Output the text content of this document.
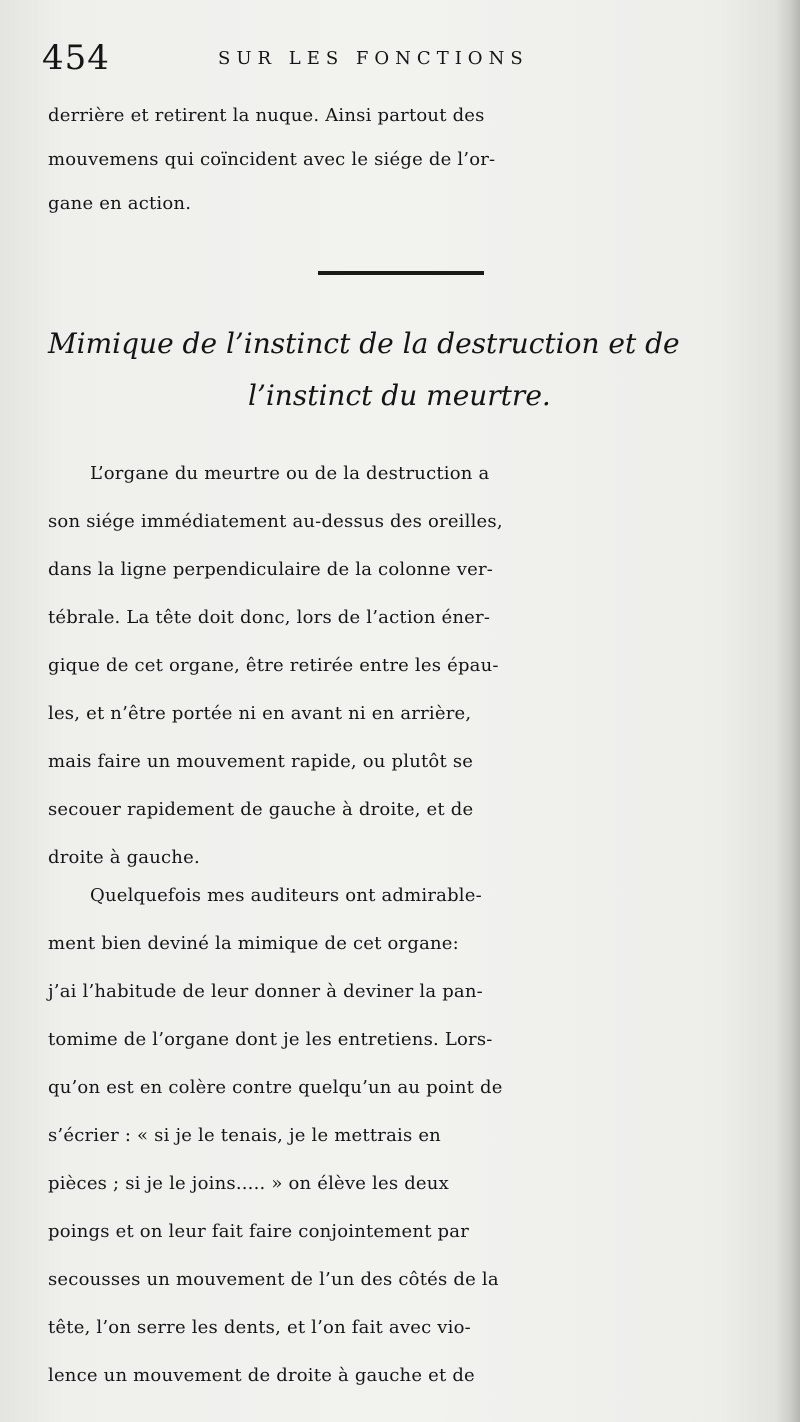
454	SUR LES FONCTIONS
derrière et retirent la nuque. Ainsi partout des
mouvemens qui coïncident avec le siége de l’or-
gane en action.
Mimique de l’instinct de la destruction et de
l’instinct du meurtre.
L’organe du meurtre ou de la destruction a
son siége immédiatement au-dessus des oreilles,
dans la ligne perpendiculaire de la colonne ver-
tébrale. La tête doit donc, lors de l’action éner-
gique de cet organe, être retirée entre les épau-
les, et n’être portée ni en avant ni en arrière,
mais faire un mouvement rapide, ou plutôt se
secouer rapidement de gauche à droite, et de
droite à gauche.
Quelquefois mes auditeurs ont admirable-
ment bien deviné la mimique de cet organe:
j’ai l’habitude de leur donner à deviner la pan-
tomime de l’organe dont je les entretiens. Lors-
qu’on est en colère contre quelqu’un au point de
s’écrier : « si je le tenais, je le mettrais en
pièces ; si je le joins..... » on élève les deux
poings et on leur fait faire conjointement par
secousses un mouvement de l’un des côtés de la
tête, l’on serre les dents, et l’on fait avec vio-
lence un mouvement de droite à gauche et de
